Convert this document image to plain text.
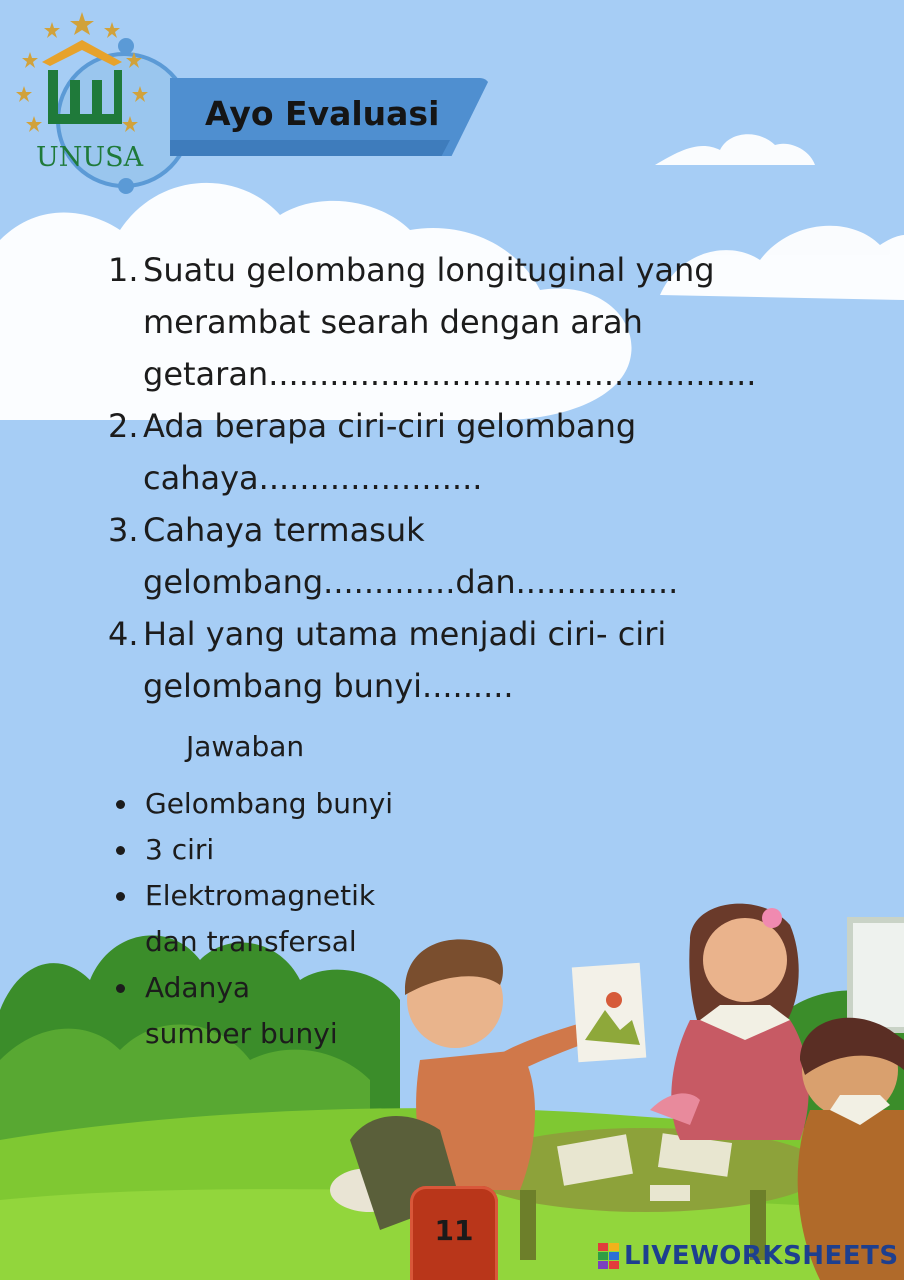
UNUSA
Ayo Evaluasi
1. Suatu gelombang longituginal yang merambat searah dengan arah getaran................................................
2. Ada berapa ciri-ciri gelombang cahaya......................
3. Cahaya termasuk gelombang.............dan................
4. Hal yang utama menjadi ciri- ciri gelombang bunyi.........

Jawaban

Gelombang bunyi
3 ciri
Elektromagnetik
dan transfersal
Adanya
sumber bunyi
11
LIVEWORKSHEETS
